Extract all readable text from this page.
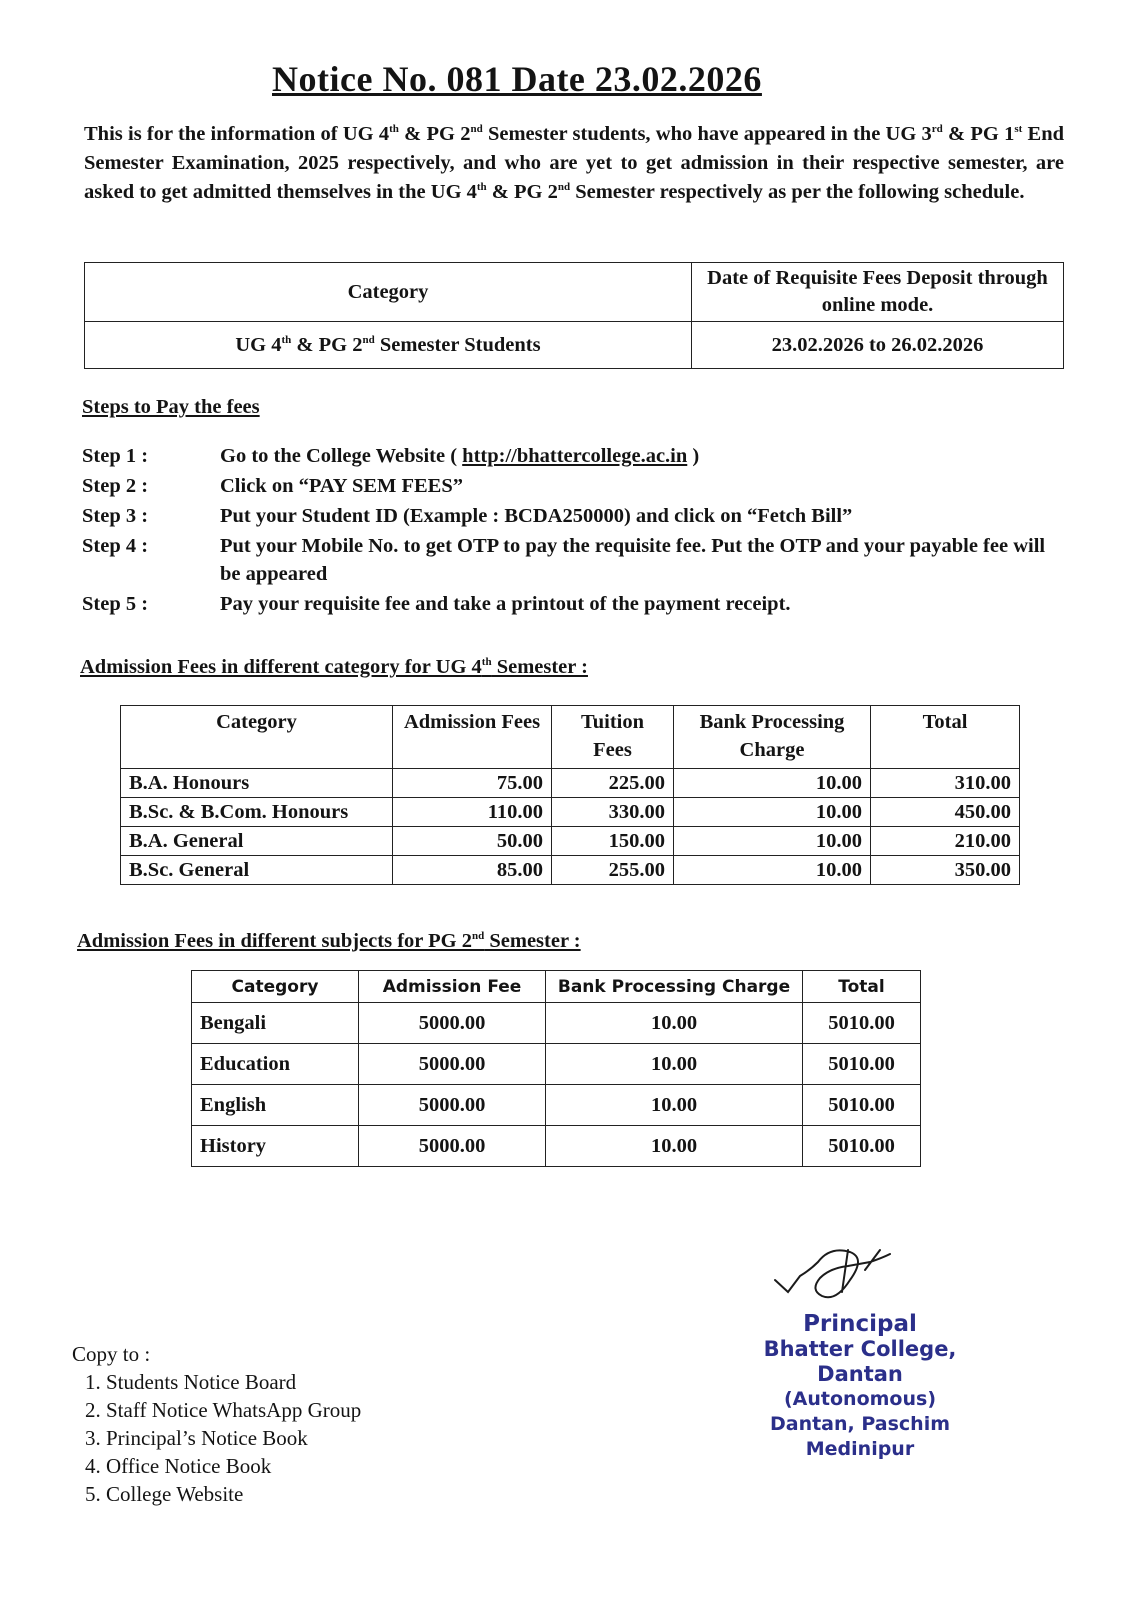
Notice No. 081 Date 23.02.2026
This is for the information of UG 4th & PG 2nd Semester students, who have appeared in the UG 3rd & PG 1st End Semester Examination, 2025 respectively, and who are yet to get admission in their respective semester, are asked to get admitted themselves in the UG 4th & PG 2nd Semester respectively as per the following schedule.
Category	Date of Requisite Fees Deposit through online mode.
UG 4th & PG 2nd Semester Students	23.02.2026 to 26.02.2026
Steps to Pay the fees
Step 1 :	Go to the College Website ( http://bhattercollege.ac.in )
Step 2 :	Click on “PAY SEM FEES”
Step 3 :	Put your Student ID (Example : BCDA250000) and click on “Fetch Bill”
Step 4 :	Put your Mobile No. to get OTP to pay the requisite fee. Put the OTP and your payable fee will be appeared
Step 5 :	Pay your requisite fee and take a printout of the payment receipt.
Admission Fees in different category for UG 4th Semester :
Category	Admission Fees	Tuition Fees	Bank Processing Charge	Total
B.A. Honours	75.00	225.00	10.00	310.00
B.Sc. & B.Com. Honours	110.00	330.00	10.00	450.00
B.A. General	50.00	150.00	10.00	210.00
B.Sc. General	85.00	255.00	10.00	350.00
Admission Fees in different subjects for PG 2nd Semester :
Category	Admission Fee	Bank Processing Charge	Total
Bengali	5000.00	10.00	5010.00
Education	5000.00	10.00	5010.00
English	5000.00	10.00	5010.00
History	5000.00	10.00	5010.00
Principal
Bhatter College, Dantan
(Autonomous)
Dantan, Paschim Medinipur
Copy to :
1. Students Notice Board
2. Staff Notice WhatsApp Group
3. Principal’s Notice Book
4. Office Notice Book
5. College Website
